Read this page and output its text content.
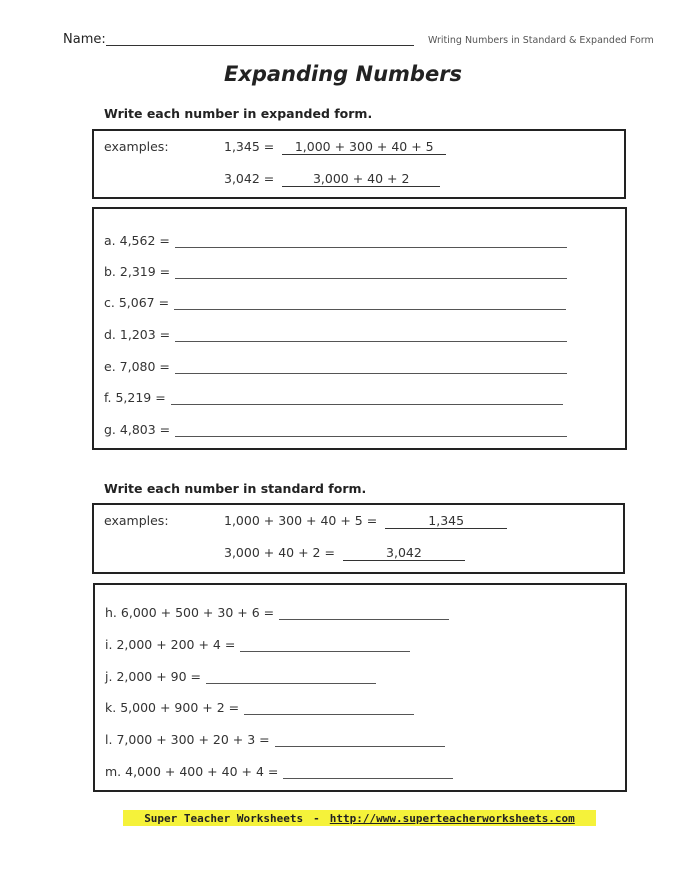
Name:	Writing Numbers in Standard & Expanded Form
Expanding Numbers
Write each number in expanded form.
examples:	1,345 = 1,000 + 300 + 40 + 5
3,042 =	3,000 + 40 + 2
a.
4,562 =
b.
2,319 =
c.
5,067 =
d.
1,203 =
e.
7,080 =
f.
5,219 =
g.
4,803 =
Write each number in standard form.
examples:	1,000 + 300 + 40 + 5 =	1,345
3,000 + 40 + 2 =	3,042
h.
6,000 + 500 + 30 + 6 =
i.
2,000 + 200 + 4 =
j.
2,000 + 90 =
k.
5,000 + 900 + 2 =
l.
7,000 + 300 + 20 + 3 =
m.
4,000 + 400 + 40 + 4 =
Super Teacher Worksheets - http://www.superteacherworksheets.com
